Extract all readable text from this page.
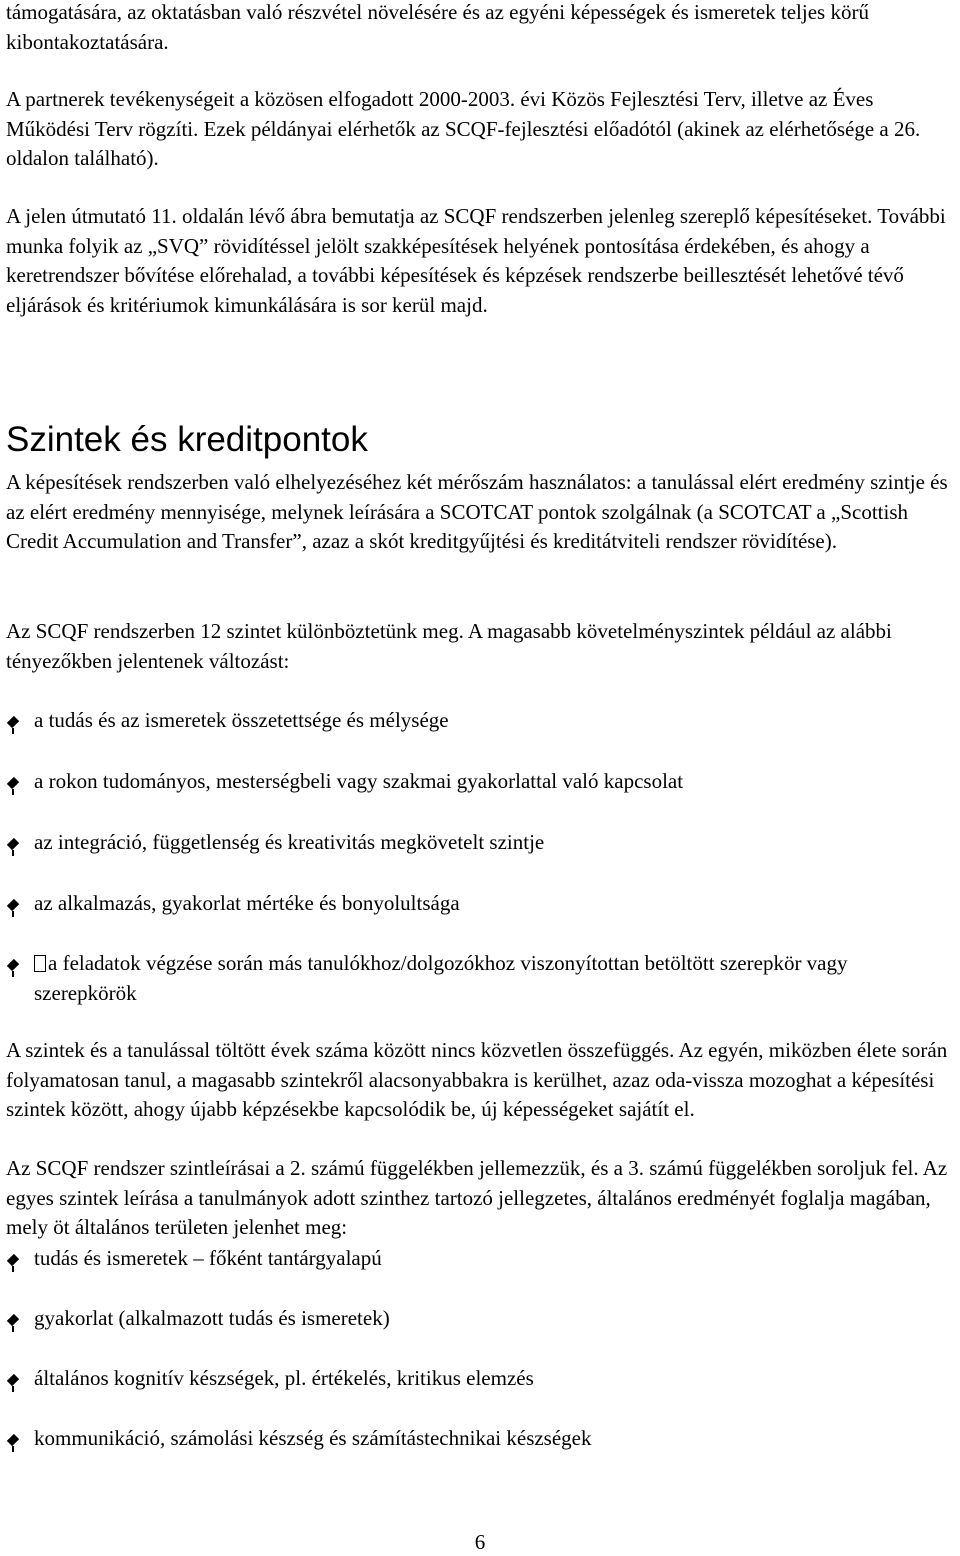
támogatására, az oktatásban való részvétel növelésére és az egyéni képességek és ismeretek teljes körű kibontakoztatására.

A partnerek tevékenységeit a közösen elfogadott 2000-2003. évi Közös Fejlesztési Terv, illetve az Éves Működési Terv rögzíti. Ezek példányai elérhetők az SCQF-fejlesztési előadótól (akinek az elérhetősége a 26. oldalon található).

A jelen útmutató 11. oldalán lévő ábra bemutatja az SCQF rendszerben jelenleg szereplő képesítéseket. További munka folyik az „SVQ” rövidítéssel jelölt szakképesítések helyének pontosítása érdekében, és ahogy a keretrendszer bővítése előrehalad, a további képesítések és képzések rendszerbe beillesztését lehetővé tévő eljárások és kritériumok kimunkálására is sor kerül majd.

Szintek és kreditpontok

A képesítések rendszerben való elhelyezéséhez két mérőszám használatos: a tanulással elért eredmény szintje és az elért eredmény mennyisége, melynek leírására a SCOTCAT pontok szolgálnak (a SCOTCAT a „Scottish Credit Accumulation and Transfer”, azaz a skót kreditgyűjtési és kreditátviteli rendszer rövidítése).

Az SCQF rendszerben 12 szintet különböztetünk meg. A magasabb követelményszintek például az alábbi tényezőkben jelentenek változást:

a tudás és az ismeretek összetettsége és mélysége
a rokon tudományos, mesterségbeli vagy szakmai gyakorlattal való kapcsolat
az integráció, függetlenség és kreativitás megkövetelt szintje
az alkalmazás, gyakorlat mértéke és bonyolultsága
a feladatok végzése során más tanulókhoz/dolgozókhoz viszonyítottan betöltött szerepkör vagy szerepkörök

A szintek és a tanulással töltött évek száma között nincs közvetlen összefüggés. Az egyén, miközben élete során folyamatosan tanul, a magasabb szintekről alacsonyabbakra is kerülhet, azaz oda-vissza mozoghat a képesítési szintek között, ahogy újabb képzésekbe kapcsolódik be, új képességeket sajátít el.

Az SCQF rendszer szintleírásai a 2. számú függelékben jellemezzük, és a 3. számú függelékben soroljuk fel. Az egyes szintek leírása a tanulmányok adott szinthez tartozó jellegzetes, általános eredményét foglalja magában, mely öt általános területen jelenhet meg:

tudás és ismeretek – főként tantárgyalapú
gyakorlat (alkalmazott tudás és ismeretek)
általános kognitív készségek, pl. értékelés, kritikus elemzés
kommunikáció, számolási készség és számítástechnikai készségek
6
